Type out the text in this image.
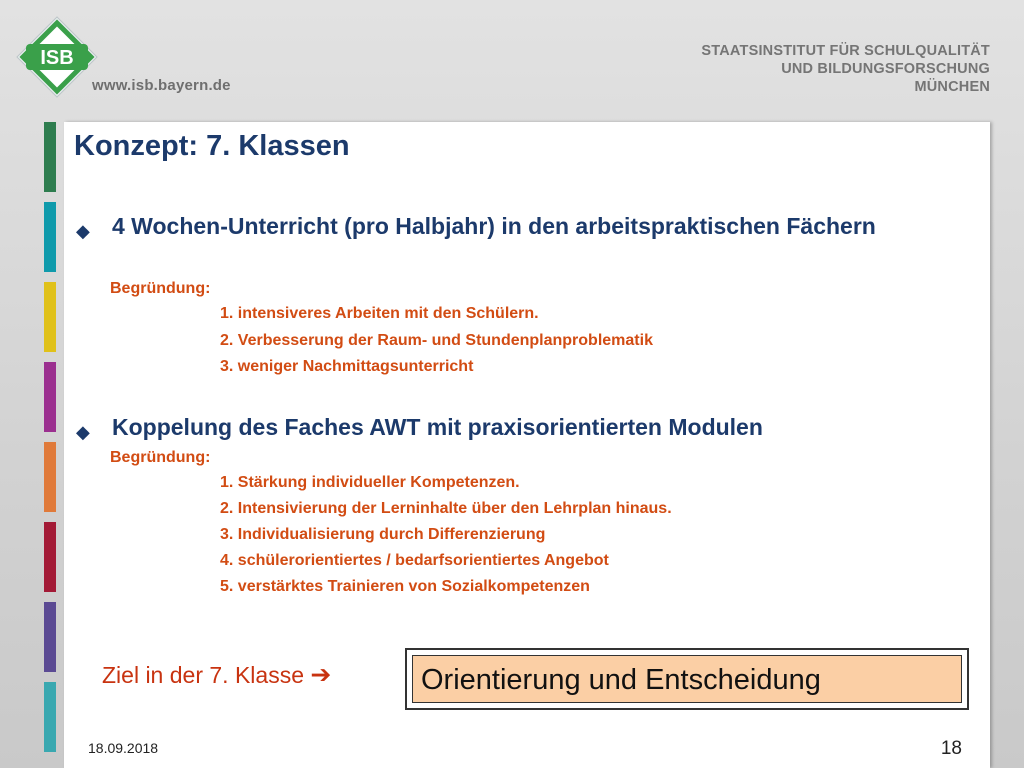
ISB
www.isb.bayern.de
STAATSINSTITUT FÜR SCHULQUALITÄT
UND BILDUNGSFORSCHUNG
MÜNCHEN
Konzept: 7. Klassen
◆ 4 Wochen-Unterricht (pro Halbjahr) in den arbeitspraktischen Fächern
Begründung:
1. intensiveres Arbeiten mit den Schülern.
2. Verbesserung der Raum- und Stundenplanproblematik
3. weniger Nachmittagsunterricht
◆ Koppelung des Faches AWT mit praxisorientierten Modulen
Begründung:
1. Stärkung individueller Kompetenzen.
2. Intensivierung der Lerninhalte über den Lehrplan hinaus.
3. Individualisierung durch Differenzierung
4. schülerorientiertes / bedarfsorientiertes Angebot
5. verstärktes Trainieren von Sozialkompetenzen
Ziel in der 7. Klasse ➔	Orientierung und Entscheidung
18.09.2018	18
